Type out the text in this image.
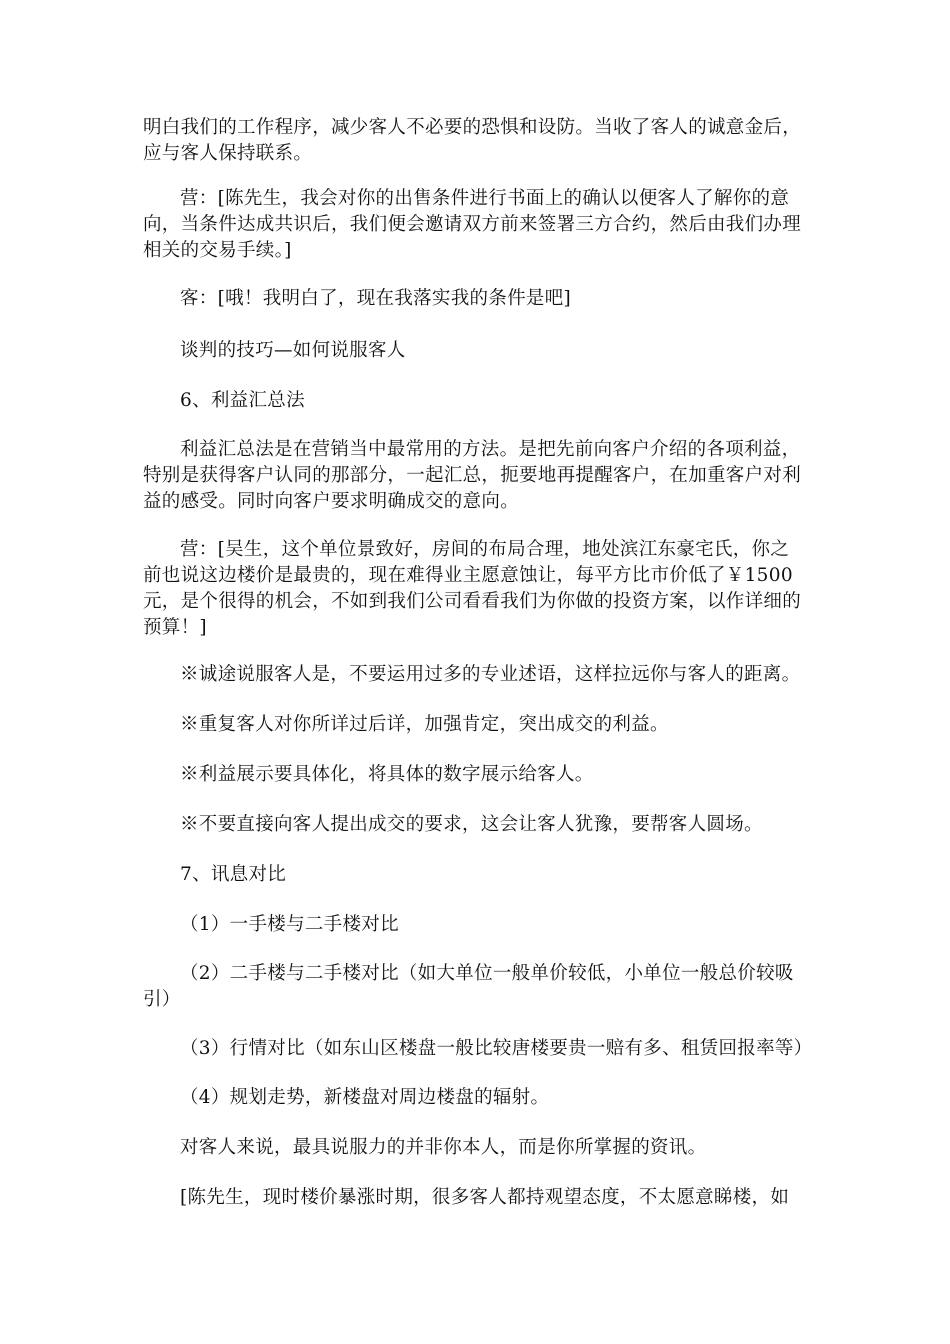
明白我们的工作程序，减少客人不必要的恐惧和设防。当收了客人的诚意金后，
应与客人保持联系。

营：[陈先生，我会对你的出售条件进行书面上的确认以便客人了解你的意
向，当条件达成共识后，我们便会邀请双方前来签署三方合约，然后由我们办理
相关的交易手续。]

客：[哦！我明白了，现在我落实我的条件是吧]

谈判的技巧—如何说服客人

6、利益汇总法

利益汇总法是在营销当中最常用的方法。是把先前向客户介绍的各项利益，
特别是获得客户认同的那部分，一起汇总，扼要地再提醒客户，在加重客户对利
益的感受。同时向客户要求明确成交的意向。

营：[吴生，这个单位景致好，房间的布局合理，地处滨江东豪宅氏，你之
前也说这边楼价是最贵的，现在难得业主愿意蚀让，每平方比市价低了￥1500
元，是个很得的机会，不如到我们公司看看我们为你做的投资方案，以作详细的
预算！]

※诚途说服客人是，不要运用过多的专业述语，这样拉远你与客人的距离。

※重复客人对你所详过后详，加强肯定，突出成交的利益。

※利益展示要具体化，将具体的数字展示给客人。

※不要直接向客人提出成交的要求，这会让客人犹豫，要帮客人圆场。

7、讯息对比

（1）一手楼与二手楼对比

（2）二手楼与二手楼对比（如大单位一般单价较低，小单位一般总价较吸
引）

（3）行情对比（如东山区楼盘一般比较唐楼要贵一赔有多、租赁回报率等）

（4）规划走势，新楼盘对周边楼盘的辐射。

对客人来说，最具说服力的并非你本人，而是你所掌握的资讯。

[陈先生，现时楼价暴涨时期，很多客人都持观望态度，不太愿意睇楼，如
